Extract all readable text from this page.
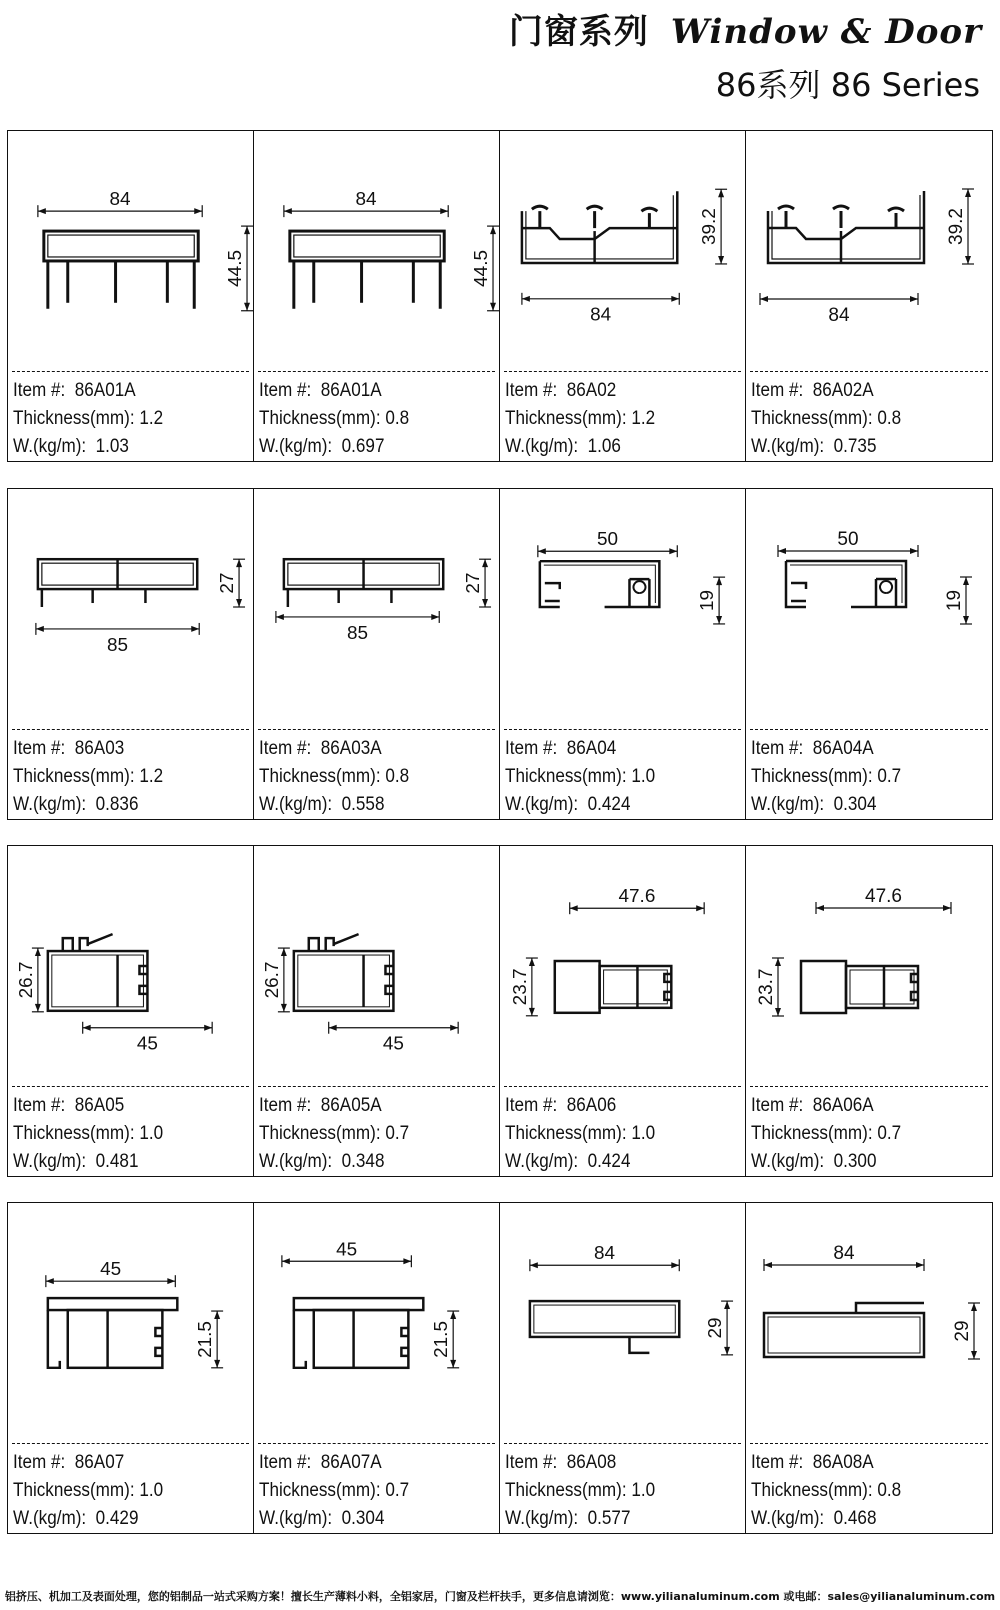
门窗系列 Window & Door
86系列 86 Series
84
44.5
Item #: 86A01A
Thickness(mm): 1.2
W.(kg/m): 1.03
84
44.5
Item #: 86A01A
Thickness(mm): 0.8
W.(kg/m): 0.697
84
39.2
Item #: 86A02
Thickness(mm): 1.2
W.(kg/m): 1.06
84
39.2
Item #: 86A02A
Thickness(mm): 0.8
W.(kg/m): 0.735
85
27
Item #: 86A03
Thickness(mm): 1.2
W.(kg/m): 0.836
85
27
Item #: 86A03A
Thickness(mm): 0.8
W.(kg/m): 0.558
50
19
Item #: 86A04
Thickness(mm): 1.0
W.(kg/m): 0.424
50
19
Item #: 86A04A
Thickness(mm): 0.7
W.(kg/m): 0.304
45
26.7
Item #: 86A05
Thickness(mm): 1.0
W.(kg/m): 0.481
45
26.7
Item #: 86A05A
Thickness(mm): 0.7
W.(kg/m): 0.348
47.6
23.7
Item #: 86A06
Thickness(mm): 1.0
W.(kg/m): 0.424
47.6
23.7
Item #: 86A06A
Thickness(mm): 0.7
W.(kg/m): 0.300
45
21.5
Item #: 86A07
Thickness(mm): 1.0
W.(kg/m): 0.429
45
21.5
Item #: 86A07A
Thickness(mm): 0.7
W.(kg/m): 0.304
84
29
Item #: 86A08
Thickness(mm): 1.0
W.(kg/m): 0.577
84
29
Item #: 86A08A
Thickness(mm): 0.8
W.(kg/m): 0.468
铝挤压、机加工及表面处理，您的铝制品一站式采购方案！擅长生产薄料小料，全铝家居，门窗及栏杆扶手，更多信息请浏览：www.yilianaluminum.com 或电邮：sales@yilianaluminum.com
